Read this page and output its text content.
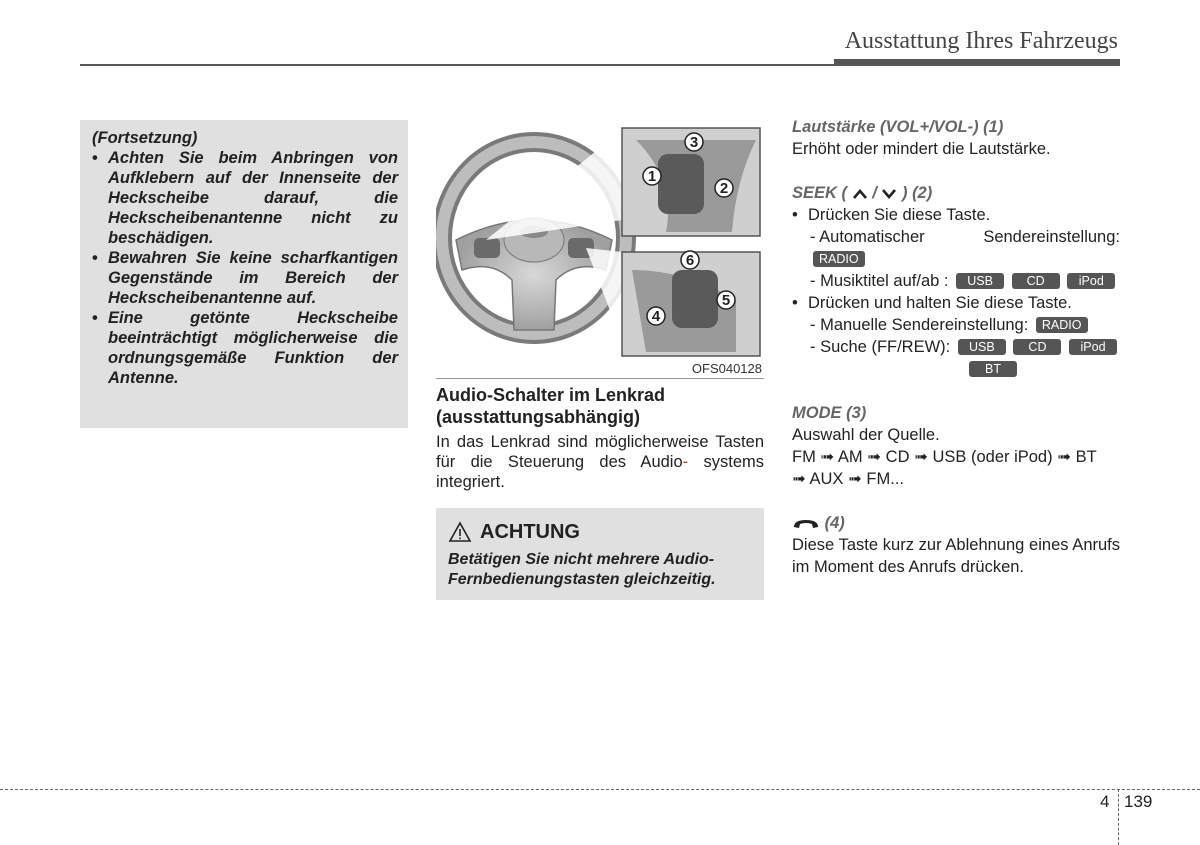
Ausstattung Ihres Fahrzeugs
(Fortsetzung)
• Achten Sie beim Anbringen von Aufklebern auf der Innenseite der Heckscheibe darauf, die Heckscheibenantenne nicht zu beschädigen.
• Bewahren Sie keine scharfkantigen Gegenstände im Bereich der Heckscheibenantenne auf.
• Eine getönte Heckscheibe beeinträchtigt möglicherweise die ordnungsgemäße Funktion der Antenne.
3
1
2
6
4
5
OFS040128
Audio-Schalter im Lenkrad (ausstattungsabhängig)
In das Lenkrad sind möglicherweise Tasten für die Steuerung des Audio- systems integriert.
ACHTUNG
Betätigen Sie nicht mehrere Audio-Fernbedienungstasten gleichzeitig.
Lautstärke (VOL+/VOL-) (1)
Erhöht oder mindert die Lautstärke.
SEEK ( / ) (2)
• Drücken Sie diese Taste.
- Automatischer	Sendereinstellung:
RADIO
- Musiktitel auf/ab : USB	CD	iPod
• Drücken und halten Sie diese Taste.
- Manuelle Sendereinstellung: RADIO
- Suche (FF/REW): USB	CD	iPod
BT
MODE (3)
Auswahl der Quelle.
FM ➟ AM ➟ CD ➟ USB (oder iPod) ➟ BT
➟ AUX ➟ FM...
(4)
Diese Taste kurz zur Ablehnung eines Anrufs im Moment des Anrufs drücken.
4 139
